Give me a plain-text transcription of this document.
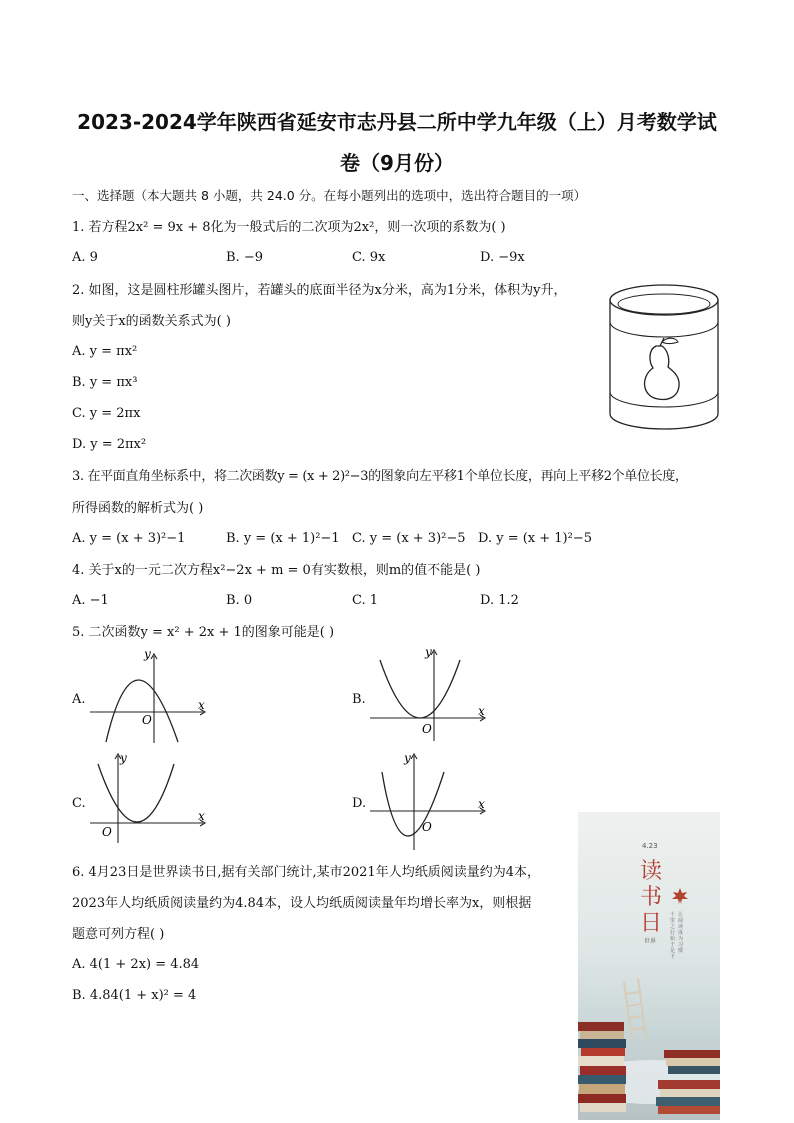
2023-2024学年陕西省延安市志丹县二所中学九年级（上）月考数学试
卷（9月份）
一、选择题（本大题共 8 小题，共 24.0 分。在每小题列出的选项中，选出符合题目的一项）
1. 若方程2x² = 9x + 8化为一般式后的二次项为2x²，则一次项的系数为( )
A. 9	B. −9	C. 9x	D. −9x
2. 如图，这是圆柱形罐头图片，若罐头的底面半径为x分米，高为1分米，体积为y升，
则y关于x的函数关系式为( )
A. y = πx²
B. y = πx³
C. y = 2πx
D. y = 2πx²
3. 在平面直角坐标系中，将二次函数y = (x + 2)²−3的图象向左平移1个单位长度，再向上平移2个单位长度，
所得函数的解析式为( )
A. y = (x + 3)²−1	B. y = (x + 1)²−1 C. y = (x + 3)²−5 D. y = (x + 1)²−5
4. 关于x的一元二次方程x²−2x + m = 0有实数根，则m的值不能是( )
A. −1	B. 0	C. 1	D. 1.2
5. 二次函数y = x² + 2x + 1的图象可能是( )
A.	x
y
O
B.
x
y
O
C.
x
y
O
D.	x
y
O
6. 4月23日是世界读书日,据有关部门统计,某市2021年人均纸质阅读量约为4本，
2023年人均纸质阅读量约为4.84本，设人均纸质阅读量年均增长率为x，则根据
题意可列方程( )
A. 4(1 + 2x) = 4.84
B. 4.84(1 + x)² = 4
4.23
读
书
日
世界
让阅读成为习惯
千里之行始于足下
